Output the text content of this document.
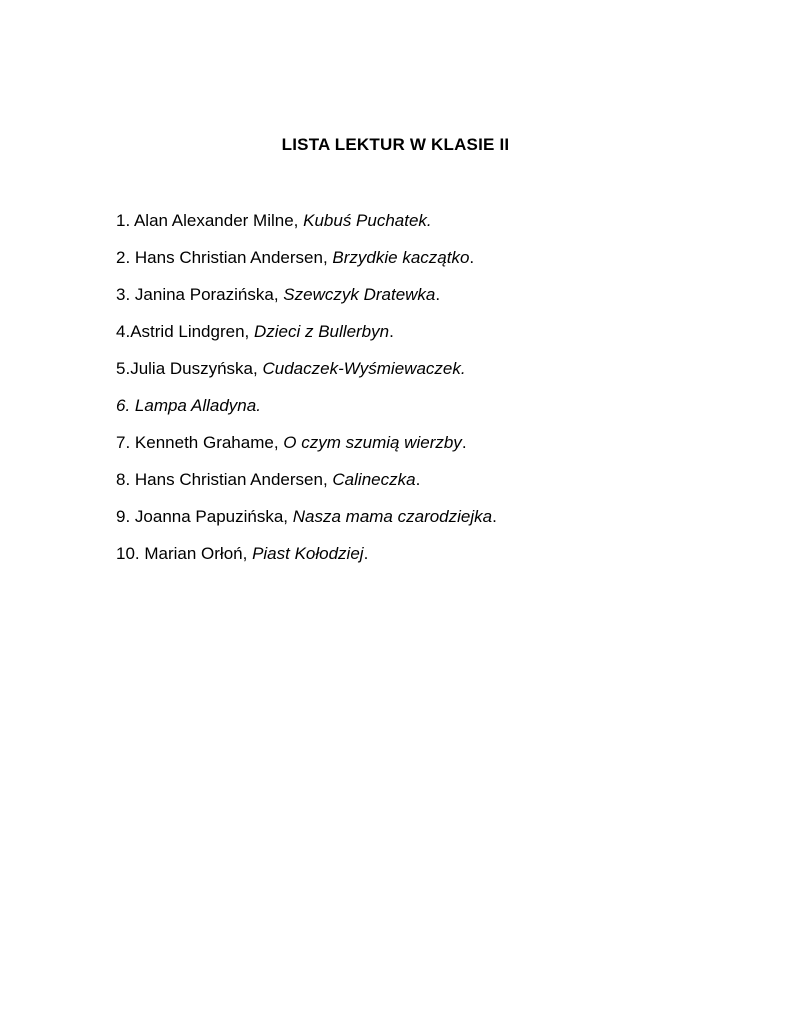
LISTA LEKTUR W KLASIE II
1. Alan Alexander Milne, Kubuś Puchatek.
2. Hans Christian Andersen, Brzydkie kaczątko.
3. Janina Porazińska, Szewczyk Dratewka.
4.Astrid Lindgren, Dzieci z Bullerbyn.
5.Julia Duszyńska, Cudaczek-Wyśmiewaczek.
6. Lampa Alladyna.
7. Kenneth Grahame, O czym szumią wierzby.
8. Hans Christian Andersen, Calineczka.
9. Joanna Papuzińska, Nasza mama czarodziejka.
10. Marian Orłoń, Piast Kołodziej.
